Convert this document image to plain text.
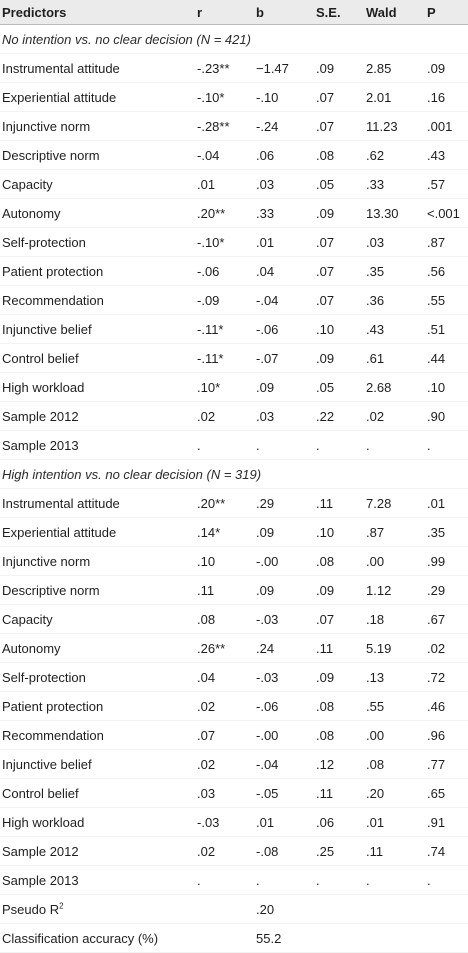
Predictors	r	b	S.E.	Wald	P
No intention vs. no clear decision (N = 421)					
Instrumental attitude	-.23**	−1.47	.09	2.85	.09
Experiential attitude	-.10*	-.10	.07	2.01	.16
Injunctive norm	-.28**	-.24	.07	11.23	.001
Descriptive norm	-.04	.06	.08	.62	.43
Capacity	.01	.03	.05	.33	.57
Autonomy	.20**	.33	.09	13.30	<.001
Self-protection	-.10*	.01	.07	.03	.87
Patient protection	-.06	.04	.07	.35	.56
Recommendation	-.09	-.04	.07	.36	.55
Injunctive belief	-.11*	-.06	.10	.43	.51
Control belief	-.11*	-.07	.09	.61	.44
High workload	.10*	.09	.05	2.68	.10
Sample 2012	.02	.03	.22	.02	.90
Sample 2013	.	.	.	.	.
High intention vs. no clear decision (N = 319)					
Instrumental attitude	.20**	.29	.11	7.28	.01
Experiential attitude	.14*	.09	.10	.87	.35
Injunctive norm	.10	-.00	.08	.00	.99
Descriptive norm	.11	.09	.09	1.12	.29
Capacity	.08	-.03	.07	.18	.67
Autonomy	.26**	.24	.11	5.19	.02
Self-protection	.04	-.03	.09	.13	.72
Patient protection	.02	-.06	.08	.55	.46
Recommendation	.07	-.00	.08	.00	.96
Injunctive belief	.02	-.04	.12	.08	.77
Control belief	.03	-.05	.11	.20	.65
High workload	-.03	.01	.06	.01	.91
Sample 2012	.02	-.08	.25	.11	.74
Sample 2013	.	.	.	.	.
Pseudo $R^2$		.20			
Classification accuracy (%)		55.2			
